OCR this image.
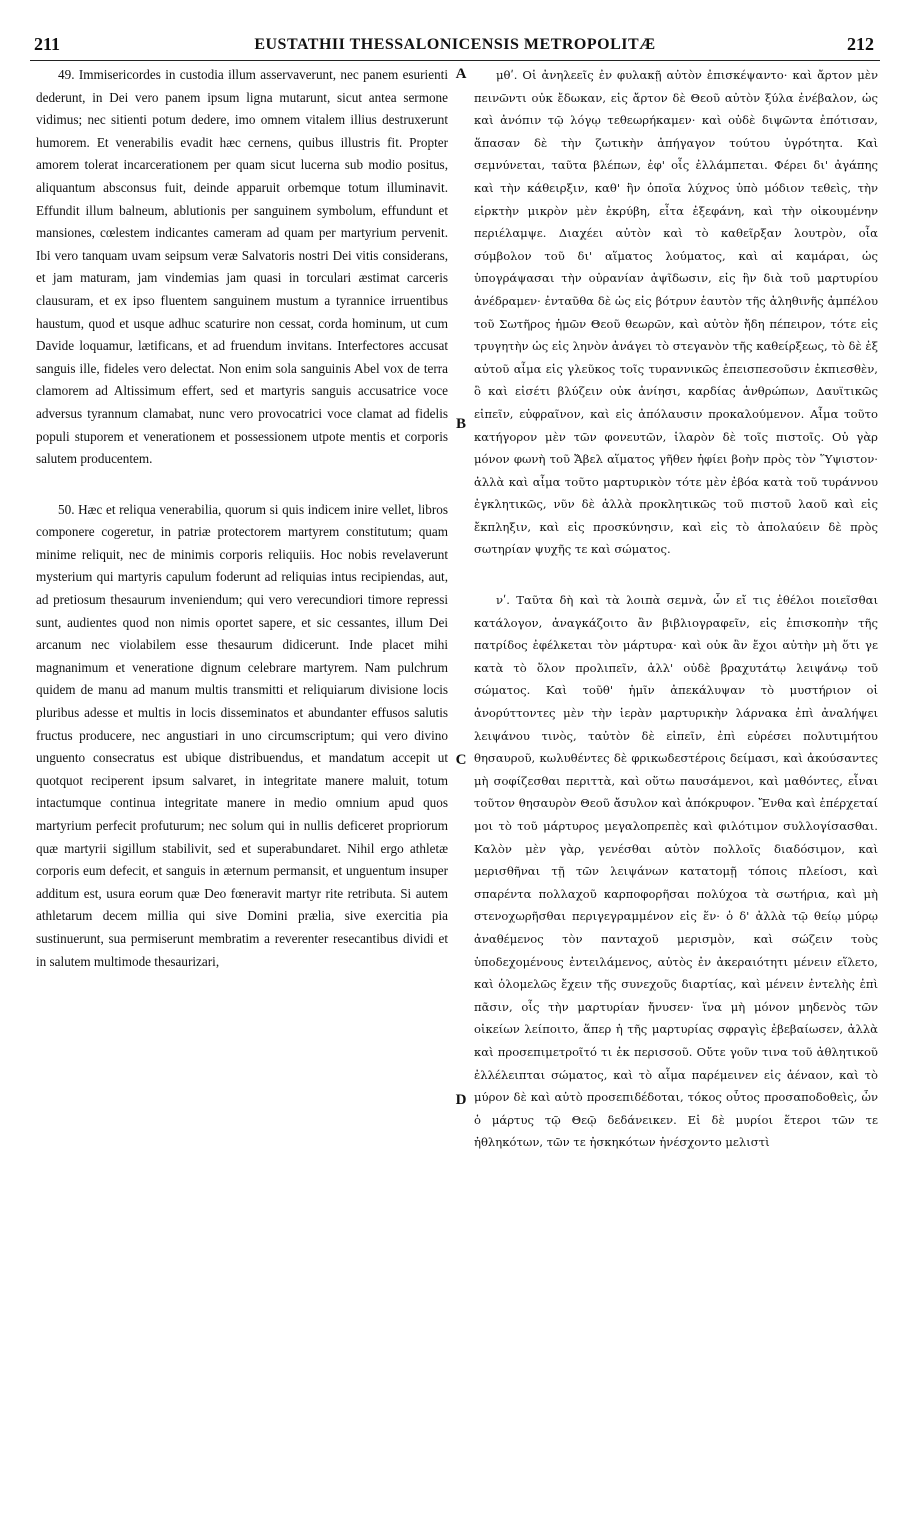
211	EUSTATHII THESSALONICENSIS METROPOLITÆ	212

49. Immisericordes in custodia illum asservaverunt, nec panem esurienti dederunt, in Dei vero panem ipsum ligna mutarunt, sicut antea sermone vidimus; nec sitienti potum dedere, imo omnem vitalem illius destruxerunt humorem. Et venerabilis evadit hæc cernens, quibus illustris fit. Propter amorem tolerat incarcerationem per quam sicut lucerna sub modio positus, aliquantum absconsus fuit, deinde apparuit orbemque totum illuminavit. Effundit illum balneum, ablutionis per sanguinem symbolum, effundunt et mansiones, cœlestem indicantes cameram ad quam per martyrium pervenit. Ibi vero tanquam uvam seipsum veræ Salvatoris nostri Dei vitis considerans, et jam maturam, jam vindemias jam quasi in torculari æstimat carceris clausuram, et ex ipso fluentem sanguinem mustum a tyrannice irruentibus haustum, quod et usque adhuc scaturire non cessat, corda hominum, ut cum Davide loquamur, lætificans, et ad fruendum invitans. Interfectores accusat sanguis ille, fideles vero delectat. Non enim sola sanguinis Abel vox de terra clamorem ad Altissimum effert, sed et martyris sanguis accusatrice voce adversus tyrannum clamabat, nunc vero provocatrici voce clamat ad fidelis populi stuporem et venerationem et possessionem utpote mentis et corporis salutem producentem.

50. Hæc et reliqua venerabilia, quorum si quis indicem inire vellet, libros componere cogeretur, in patriæ protectorem martyrem constitutum; quam minime reliquit, nec de minimis corporis reliquiis. Hoc nobis revelaverunt mysterium qui martyris capulum foderunt ad reliquias intus recipiendas, aut, ad pretiosum thesaurum inveniendum; qui vero verecundiori timore repressi sunt, audientes quod non nimis oportet sapere, et sic cessantes, illum Dei arcanum nec violabilem esse thesaurum didicerunt. Inde placet mihi magnanimum et veneratione dignum celebrare martyrem. Nam pulchrum quidem de manu ad manum multis transmitti et reliquiarum divisione locis pluribus adesse et multis in locis disseminatos et abundanter effusos salutis fructus producere, nec angustiari in uno circumscriptum; qui vero divino unguento consecratus est ubique distribuendus, et mandatum accepit ut quotquot reciperent ipsum salvaret, in integritate manere maluit, totum intactumque continua integritate manere in medio omnium apud quos martyrium perfecit profuturum; nec solum qui in nullis deficeret propriorum quæ martyrii sigillum stabilivit, sed et superabundaret. Nihil ergo athletæ corporis eum defecit, et sanguis in æternum permansit, et unguentum insuper additum est, usura eorum quæ Deo fœneravit martyr rite retributa. Si autem athletarum decem millia qui sive Domini prælia, sive exercitia pia sustinuerunt, sua permiserunt membratim a reverenter resecantibus dividi et in salutem multimode thesaurizari,

A
B
C
D

μθʹ. Οἱ ἀνηλεεῖς ἐν φυλακῇ αὐτὸν ἐπισκέψαντο· καὶ ἄρτον μὲν πεινῶντι οὐκ ἔδωκαν, εἰς ἄρτον δὲ Θεοῦ αὐτὸν ξύλα ἐνέβαλον, ὡς καὶ ἀνόπιν τῷ λόγῳ τεθεωρήκαμεν· καὶ οὐδὲ διψῶντα ἐπότισαν, ἅπασαν δὲ τὴν ζωτικὴν ἀπήγαγον τούτου ὑγρότητα. Καὶ σεμνύνεται, ταῦτα βλέπων, ἐφ' οἷς ἐλλάμπεται. Φέρει δι' ἀγάπης καὶ τὴν κάθειρξιν, καθ' ἣν ὁποῖα λύχνος ὑπὸ μόδιον τεθεὶς, τὴν εἱρκτὴν μικρὸν μὲν ἐκρύβη, εἶτα ἐξεφάνη, καὶ τὴν οἰκουμένην περιέλαμψε. Διαχέει αὐτὸν καὶ τὸ καθεῖρξαν λουτρὸν, οἷα σύμβολον τοῦ δι' αἵματος λούματος, καὶ αἱ καμάραι, ὡς ὑπογράψασαι τὴν οὐρανίαν ἀψῖδωσιν, εἰς ἣν διὰ τοῦ μαρτυρίου ἀνέδραμεν· ἐνταῦθα δὲ ὡς εἰς βότρυν ἑαυτὸν τῆς ἀληθινῆς ἀμπέλου τοῦ Σωτῆρος ἡμῶν Θεοῦ θεωρῶν, καὶ αὐτὸν ἤδη πέπειρον, τότε εἰς τρυγητὴν ὡς εἰς ληνὸν ἀνάγει τὸ στεγανὸν τῆς καθείρξεως, τὸ δὲ ἐξ αὐτοῦ αἷμα εἰς γλεῦκος τοῖς τυραννικῶς ἐπεισπεσοῦσιν ἐκπιεσθὲν, ὃ καὶ εἰσέτι βλύζειν οὐκ ἀνίησι, καρδίας ἀνθρώπων, Δαυϊτικῶς εἰπεῖν, εὐφραῖνον, καὶ εἰς ἀπόλαυσιν προκαλούμενον. Αἷμα τοῦτο κατήγορον μὲν τῶν φονευτῶν, ἱλαρὸν δὲ τοῖς πιστοῖς. Οὐ γὰρ μόνον φωνὴ τοῦ Ἄβελ αἵματος γῆθεν ἠφίει βοὴν πρὸς τὸν Ὕψιστον· ἀλλὰ καὶ αἷμα τοῦτο μαρτυρικὸν τότε μὲν ἐβόα κατὰ τοῦ τυράννου ἐγκλητικῶς, νῦν δὲ ἀλλὰ προκλητικῶς τοῦ πιστοῦ λαοῦ καὶ εἰς ἔκπληξιν, καὶ εἰς προσκύνησιν, καὶ εἰς τὸ ἀπολαύειν δὲ πρὸς σωτηρίαν ψυχῆς τε καὶ σώματος.

νʹ. Ταῦτα δὴ καὶ τὰ λοιπὰ σεμνὰ, ὧν εἴ τις ἐθέλοι ποιεῖσθαι κατάλογον, ἀναγκάζοιτο ἂν βιβλιογραφεῖν, εἰς ἐπισκοπὴν τῆς πατρίδος ἐφέλκεται τὸν μάρτυρα· καὶ οὐκ ἂν ἔχοι αὐτὴν μὴ ὅτι γε κατὰ τὸ ὅλον προλιπεῖν, ἀλλ' οὐδὲ βραχυτάτῳ λειψάνῳ τοῦ σώματος. Καὶ τοῦθ' ἡμῖν ἀπεκάλυψαν τὸ μυστήριον οἱ ἀνορύττοντες μὲν τὴν ἱερὰν μαρτυρικὴν λάρνακα ἐπὶ ἀναλήψει λειψάνου τινὸς, ταὐτὸν δὲ εἰπεῖν, ἐπὶ εὑρέσει πολυτιμήτου θησαυροῦ, κωλυθέντες δὲ φρικωδεστέροις δείμασι, καὶ ἀκούσαντες μὴ σοφίζεσθαι περιττὰ, καὶ οὕτω παυσάμενοι, καὶ μαθόντες, εἶναι τοῦτον θησαυρὸν Θεοῦ ἄσυλον καὶ ἀπόκρυφον. Ἔνθα καὶ ἐπέρχεταί μοι τὸ τοῦ μάρτυρος μεγαλοπρεπὲς καὶ φιλότιμον συλλογίσασθαι. Καλὸν μὲν γὰρ, γενέσθαι αὐτὸν πολλοῖς διαδόσιμον, καὶ μερισθῆναι τῇ τῶν λειψάνων κατατομῇ τόποις πλείοσι, καὶ σπαρέντα πολλαχοῦ καρποφορῆσαι πολύχοα τὰ σωτήρια, καὶ μὴ στενοχωρῆσθαι περιγεγραμμένον εἰς ἕν· ὁ δ' ἀλλὰ τῷ θείῳ μύρῳ ἀναθέμενος τὸν πανταχοῦ μερισμὸν, καὶ σώζειν τοὺς ὑποδεχομένους ἐντειλάμενος, αὐτὸς ἐν ἀκεραιότητι μένειν εἵλετο, καὶ ὁλομελῶς ἔχειν τῆς συνεχοῦς διαρτίας, καὶ μένειν ἐντελὴς ἐπὶ πᾶσιν, οἷς τὴν μαρτυρίαν ἤνυσεν· ἵνα μὴ μόνον μηδενὸς τῶν οἰκείων λείποιτο, ἅπερ ἡ τῆς μαρτυρίας σφραγὶς ἐβεβαίωσεν, ἀλλὰ καὶ προσεπιμετροῖτό τι ἐκ περισσοῦ. Οὔτε γοῦν τινα τοῦ ἀθλητικοῦ ἐλλέλειπται σώματος, καὶ τὸ αἷμα παρέμεινεν εἰς ἀέναον, καὶ τὸ μύρον δὲ καὶ αὐτὸ προσεπιδέδοται, τόκος οὗτος προσαποδοθεὶς, ὧν ὁ μάρτυς τῷ Θεῷ δεδάνεικεν. Εἰ δὲ μυρίοι ἕτεροι τῶν τε ἠθληκότων, τῶν τε ἠσκηκότων ἠνέσχοντο μελιστὶ
